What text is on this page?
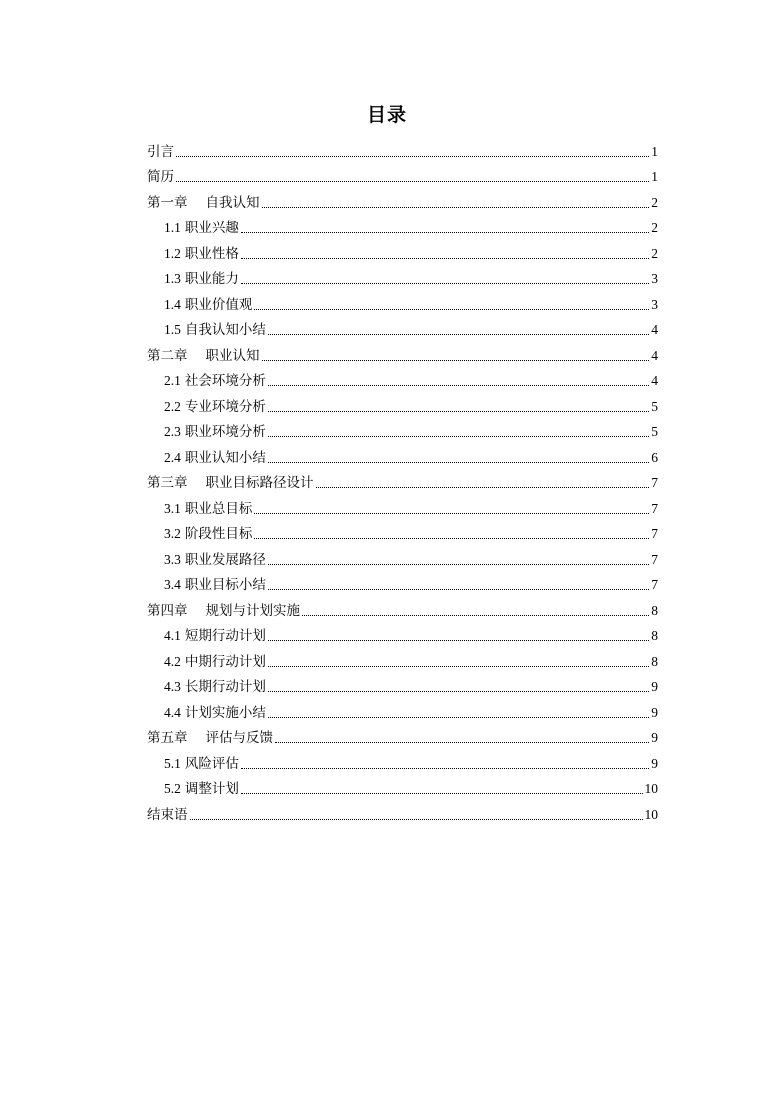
目录
引言	1
简历	1
第一章 自我认知	2
1.1 职业兴趣	2
1.2 职业性格	2
1.3 职业能力	3
1.4 职业价值观	3
1.5 自我认知小结	4
第二章 职业认知	4
2.1 社会环境分析	4
2.2 专业环境分析	5
2.3 职业环境分析	5
2.4 职业认知小结	6
第三章 职业目标路径设计	7
3.1 职业总目标	7
3.2 阶段性目标	7
3.3 职业发展路径	7
3.4 职业目标小结	7
第四章 规划与计划实施	8
4.1 短期行动计划	8
4.2 中期行动计划	8
4.3 长期行动计划	9
4.4 计划实施小结	9
第五章 评估与反馈	9
5.1 风险评估	9
5.2 调整计划	10
结束语	10
